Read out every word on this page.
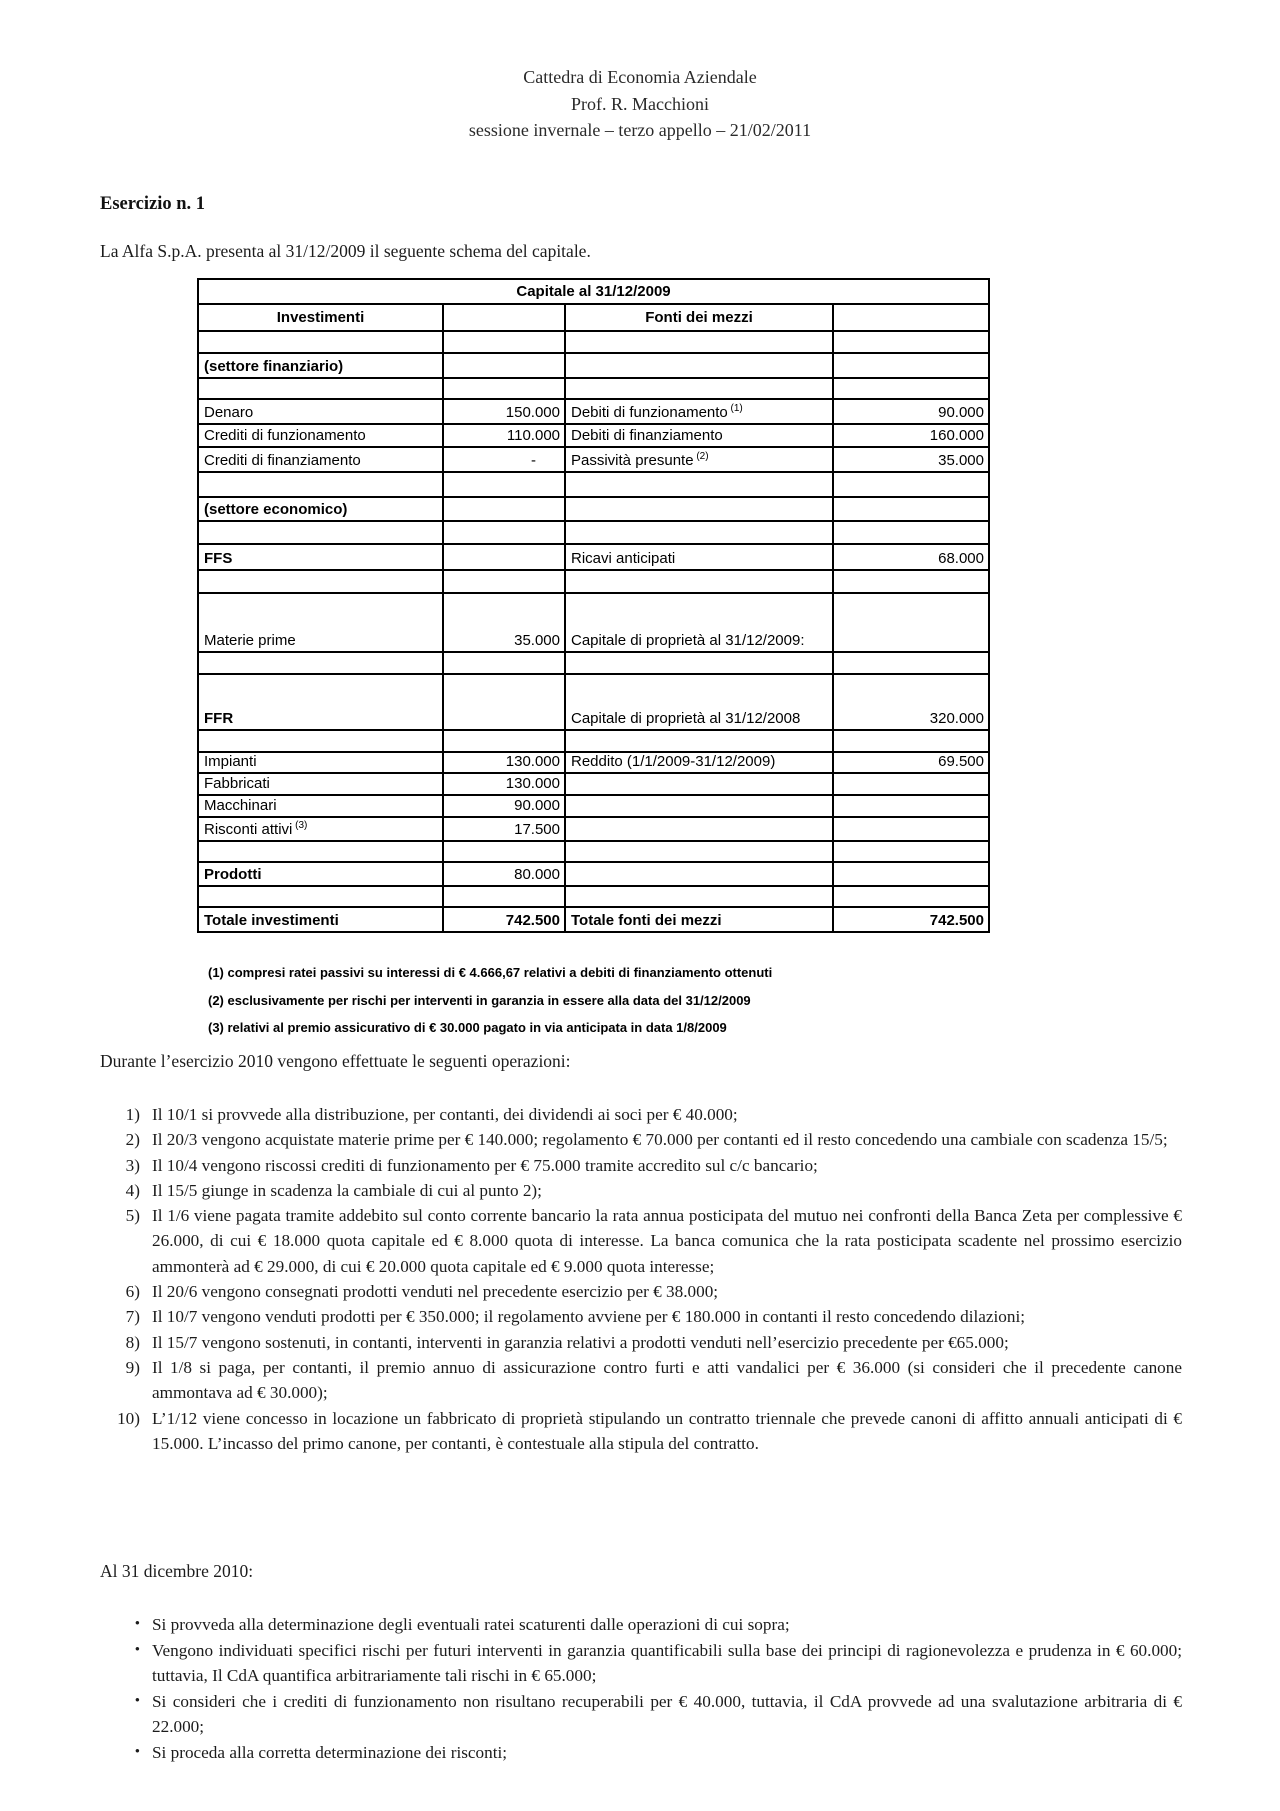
Cattedra di Economia Aziendale
Prof. R. Macchioni
sessione invernale – terzo appello – 21/02/2011
Esercizio n. 1
La Alfa S.p.A. presenta al 31/12/2009 il seguente schema del capitale.
Capitale al 31/12/2009			
Investimenti		Fonti dei mezzi	

(settore finanziario)			

Denaro	150.000	Debiti di funzionamento $^{(1)}$	90.000
Crediti di funzionamento	110.000	Debiti di finanziamento	160.000
Crediti di finanziamento	-	Passività presunte $^{(2)}$	35.000

(settore economico)			

FFS		Ricavi anticipati	68.000

Materie prime	35.000	Capitale di proprietà al 31/12/2009:	

FFR		Capitale di proprietà al 31/12/2008	320.000

Impianti	130.000	Reddito (1/1/2009-31/12/2009)	69.500
Fabbricati	130.000		
Macchinari	90.000		
Risconti attivi $^{(3)}$	17.500		

Prodotti	80.000		

Totale investimenti	742.500	Totale fonti dei mezzi	742.500
(1) compresi ratei passivi su interessi di € 4.666,67 relativi a debiti di finanziamento ottenuti
(2) esclusivamente per rischi per interventi in garanzia in essere alla data del 31/12/2009
(3) relativi al premio assicurativo di € 30.000 pagato in via anticipata in data 1/8/2009
Durante l’esercizio 2010 vengono effettuate le seguenti operazioni:
1) Il 10/1 si provvede alla distribuzione, per contanti, dei dividendi ai soci per € 40.000;
2) Il 20/3 vengono acquistate materie prime per € 140.000; regolamento € 70.000 per contanti ed il resto concedendo una cambiale con scadenza 15/5;
3) Il 10/4 vengono riscossi crediti di funzionamento per € 75.000 tramite accredito sul c/c bancario;
4) Il 15/5 giunge in scadenza la cambiale di cui al punto 2);
5) Il 1/6 viene pagata tramite addebito sul conto corrente bancario la rata annua posticipata del mutuo nei confronti della Banca Zeta per complessive € 26.000, di cui € 18.000 quota capitale ed € 8.000 quota di interesse. La banca comunica che la rata posticipata scadente nel prossimo esercizio ammonterà ad € 29.000, di cui € 20.000 quota capitale ed € 9.000 quota interesse;
6) Il 20/6 vengono consegnati prodotti venduti nel precedente esercizio per € 38.000;
7) Il 10/7 vengono venduti prodotti per € 350.000; il regolamento avviene per € 180.000 in contanti il resto concedendo dilazioni;
8) Il 15/7 vengono sostenuti, in contanti, interventi in garanzia relativi a prodotti venduti nell’esercizio precedente per €65.000;
9) Il 1/8 si paga, per contanti, il premio annuo di assicurazione contro furti e atti vandalici per € 36.000 (si consideri che il precedente canone ammontava ad € 30.000);
10) L’1/12 viene concesso in locazione un fabbricato di proprietà stipulando un contratto triennale che prevede canoni di affitto annuali anticipati di € 15.000. L’incasso del primo canone, per contanti, è contestuale alla stipula del contratto.
Al 31 dicembre 2010:
• Si provveda alla determinazione degli eventuali ratei scaturenti dalle operazioni di cui sopra;
• Vengono individuati specifici rischi per futuri interventi in garanzia quantificabili sulla base dei principi di ragionevolezza e prudenza in € 60.000; tuttavia, Il CdA quantifica arbitrariamente tali rischi in € 65.000;
• Si consideri che i crediti di funzionamento non risultano recuperabili per € 40.000, tuttavia, il CdA provvede ad una svalutazione arbitraria di € 22.000;
• Si proceda alla corretta determinazione dei risconti;
